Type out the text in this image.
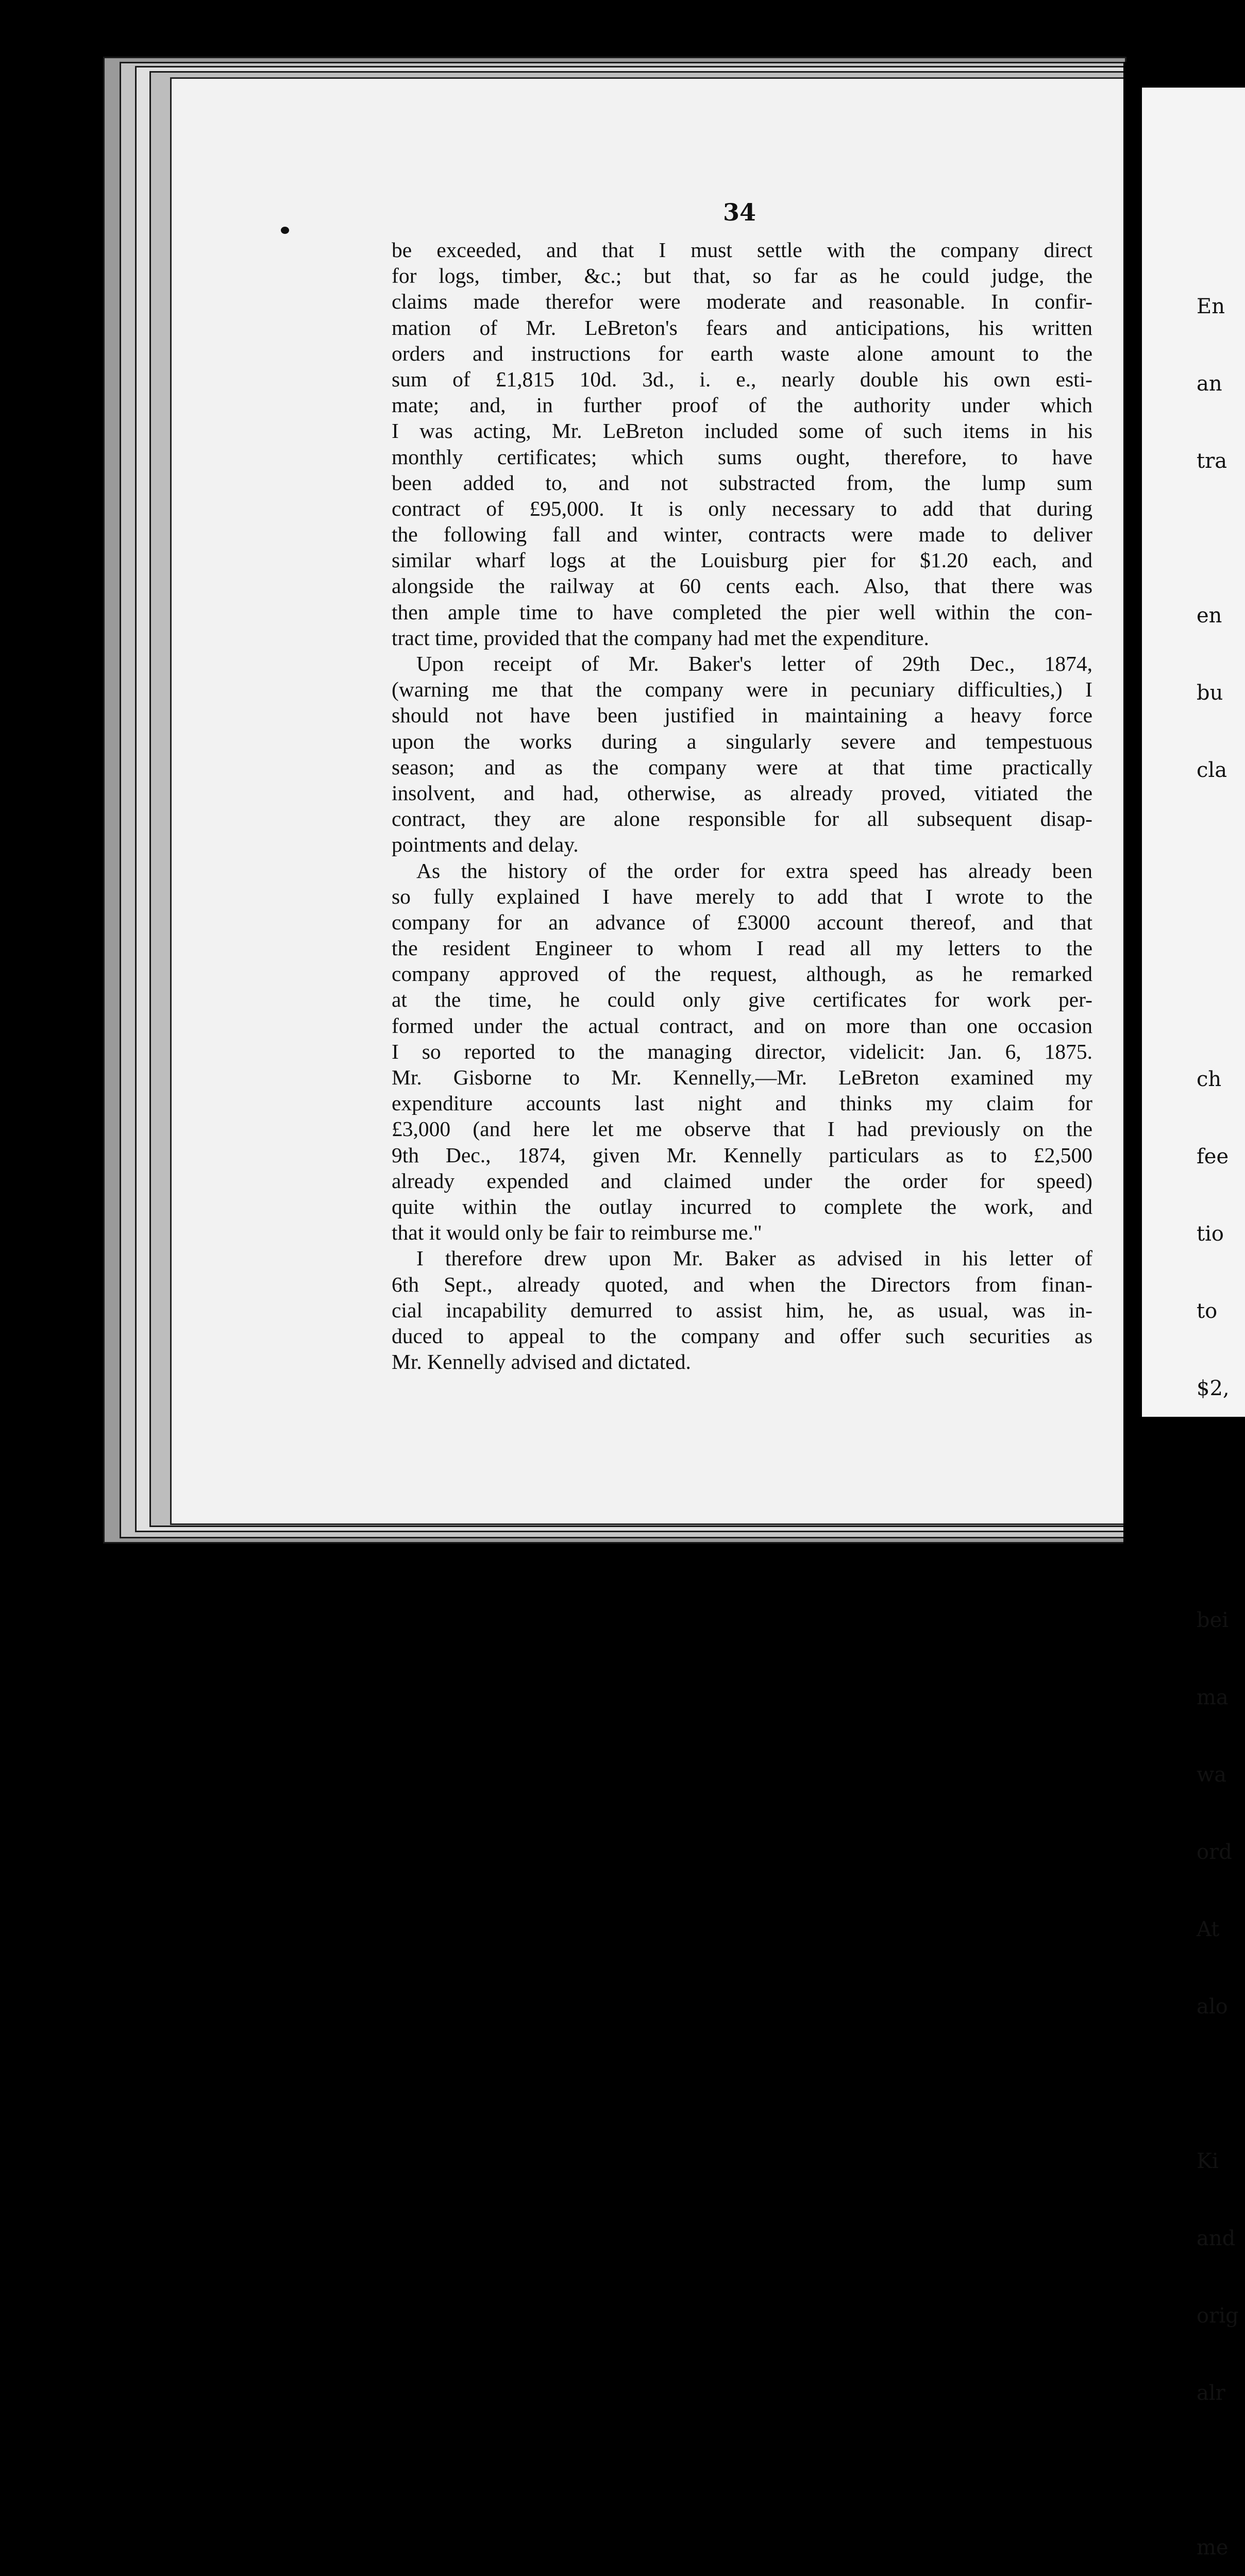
34
be exceeded, and that I must settle with the company direct
for logs, timber, &c.; but that, so far as he could judge, the
claims made therefor were moderate and reasonable. In confir-
mation of Mr. LeBreton's fears and anticipations, his written
orders and instructions for earth waste alone amount to the
sum of £1,815 10d. 3d., i. e., nearly double his own esti-
mate; and, in further proof of the authority under which
I was acting, Mr. LeBreton included some of such items in his
monthly certificates; which sums ought, therefore, to have
been added to, and not substracted from, the lump sum
contract of £95,000. It is only necessary to add that during
the following fall and winter, contracts were made to deliver
similar wharf logs at the Louisburg pier for $1.20 each, and
alongside the railway at 60 cents each. Also, that there was
then ample time to have completed the pier well within the con-
tract time, provided that the company had met the expenditure.
Upon receipt of Mr. Baker's letter of 29th Dec., 1874,
(warning me that the company were in pecuniary difficulties,) I
should not have been justified in maintaining a heavy force
upon the works during a singularly severe and tempestuous
season; and as the company were at that time practically
insolvent, and had, otherwise, as already proved, vitiated the
contract, they are alone responsible for all subsequent disap-
pointments and delay.
As the history of the order for extra speed has already been
so fully explained I have merely to add that I wrote to the
company for an advance of £3000 account thereof, and that
the resident Engineer to whom I read all my letters to the
company approved of the request, although, as he remarked
at the time, he could only give certificates for work per-
formed under the actual contract, and on more than one occasion
I so reported to the managing director, videlicit: Jan. 6, 1875.
Mr. Gisborne to Mr. Kennelly,—Mr. LeBreton examined my
expenditure accounts last night and thinks my claim for
£3,000 (and here let me observe that I had previously on the
9th Dec., 1874, given Mr. Kennelly particulars as to £2,500
already expended and claimed under the order for speed)
quite within the outlay incurred to complete the work, and
that it would only be fair to reimburse me."
I therefore drew upon Mr. Baker as advised in his letter of
6th Sept., already quoted, and when the Directors from finan-
cial incapability demurred to assist him, he, as usual, was in-
duced to appeal to the company and offer such securities as
Mr. Kennelly advised and dictated.

En

an

tra

en

bu

cla

ch

fee

tio

to

$2,

bei

ma

wa

ord

At

alo

Ki

and

orig

alr

me
